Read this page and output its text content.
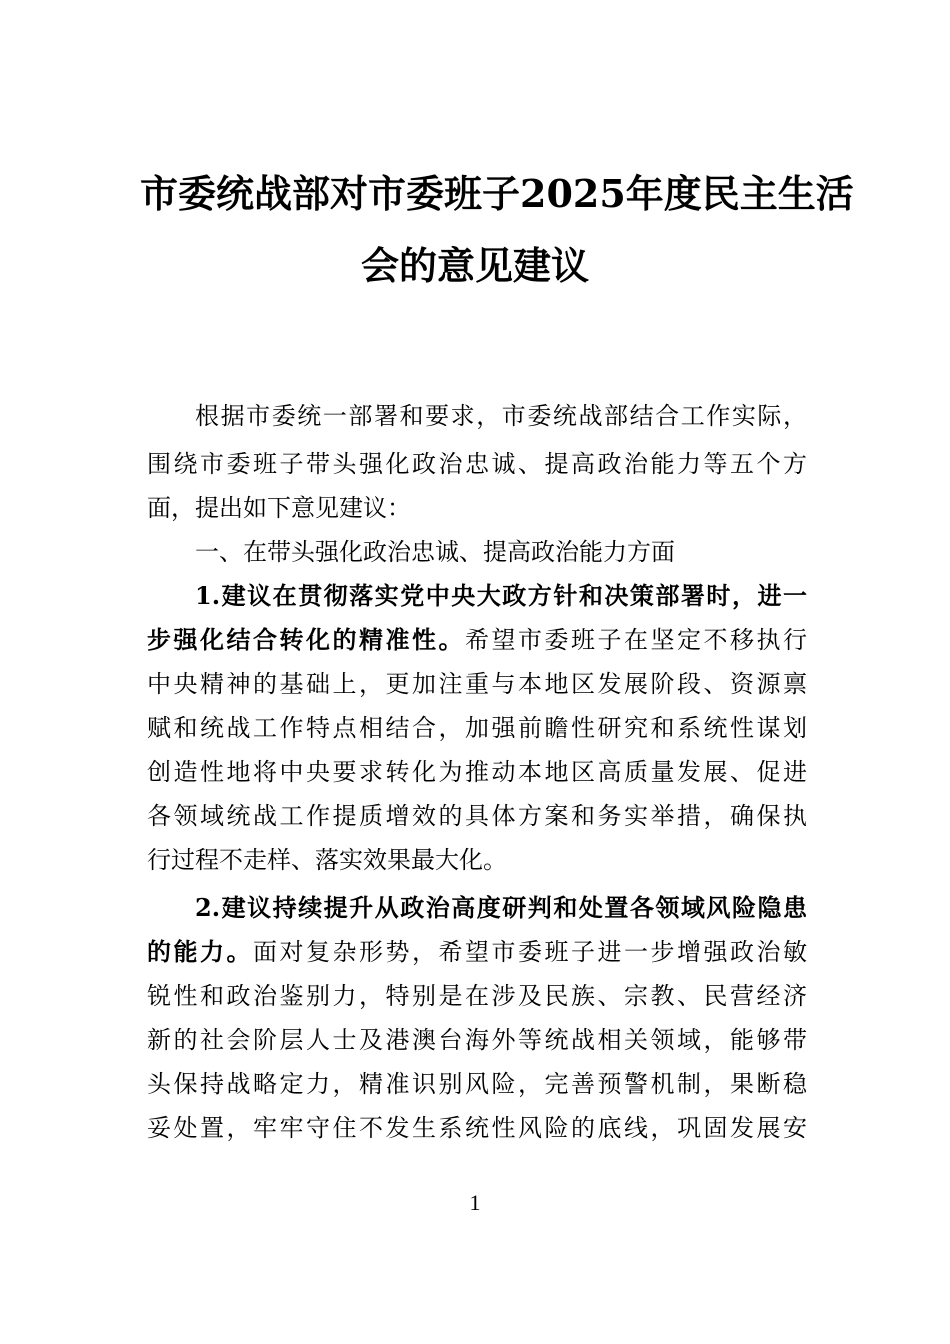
市委统战部对市委班子2025年度民主生活
会的意见建议
根据市委统一部署和要求，市委统战部结合工作实际，
围绕市委班子带头强化政治忠诚、提高政治能力等五个方
面，提出如下意见建议：
一、在带头强化政治忠诚、提高政治能力方面
1.建议在贯彻落实党中央大政方针和决策部署时，进一
步强化结合转化的精准性。希望市委班子在坚定不移执行
中央精神的基础上，更加注重与本地区发展阶段、资源禀
赋和统战工作特点相结合，加强前瞻性研究和系统性谋划
创造性地将中央要求转化为推动本地区高质量发展、促进
各领域统战工作提质增效的具体方案和务实举措，确保执
行过程不走样、落实效果最大化。
2.建议持续提升从政治高度研判和处置各领域风险隐患
的能力。面对复杂形势，希望市委班子进一步增强政治敏
锐性和政治鉴别力，特别是在涉及民族、宗教、民营经济
新的社会阶层人士及港澳台海外等统战相关领域，能够带
头保持战略定力，精准识别风险，完善预警机制，果断稳
妥处置，牢牢守住不发生系统性风险的底线，巩固发展安
1
